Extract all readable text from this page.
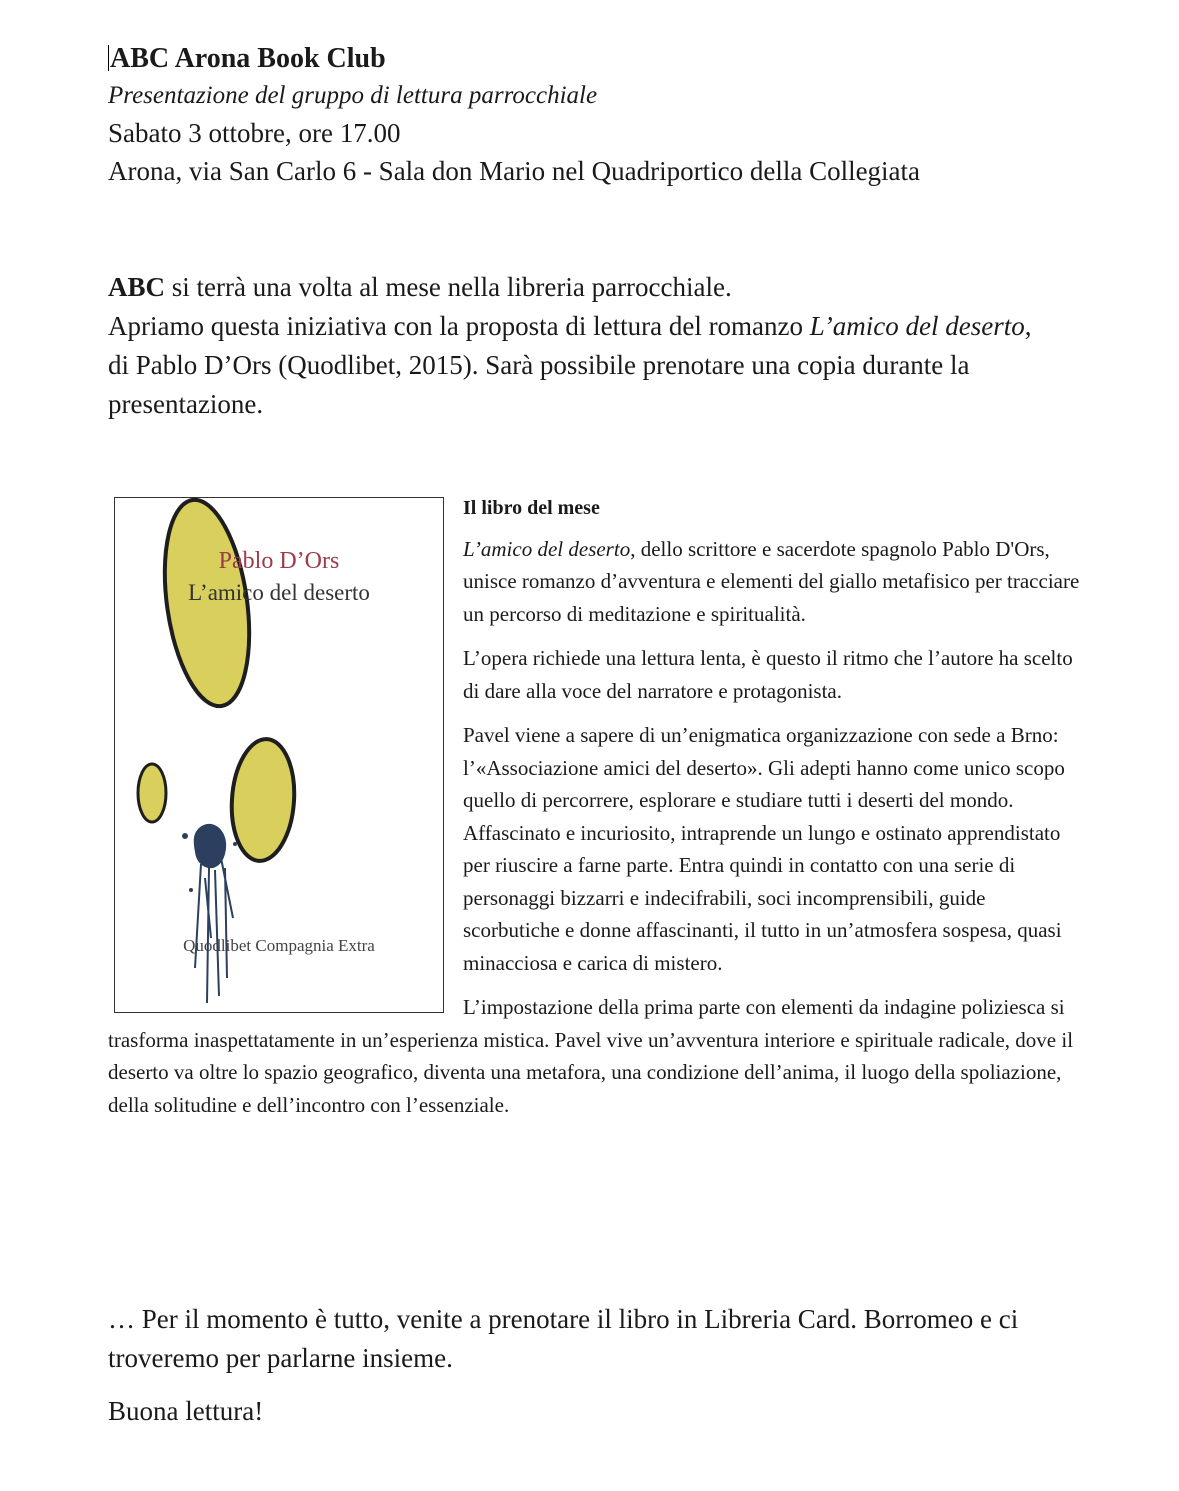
ABC Arona Book Club

Presentazione del gruppo di lettura parrocchiale

Sabato 3 ottobre, ore 17.00

Arona, via San Carlo 6 - Sala don Mario nel Quadriportico della Collegiata

ABC si terrà una volta al mese nella libreria parrocchiale.

Apriamo questa iniziativa con la proposta di lettura del romanzo L’amico del deserto, di Pablo D’Ors (Quodlibet, 2015). Sarà possibile prenotare una copia durante la presentazione.

Il libro del mese

L’amico del deserto, dello scrittore e sacerdote spagnolo Pablo D'Ors, unisce romanzo d’avventura e elementi del giallo metafisico per tracciare un percorso di meditazione e spiritualità.

L’opera richiede una lettura lenta, è questo il ritmo che l’autore ha scelto di dare alla voce del narratore e protagonista.

Pavel viene a sapere di un’enigmatica organizzazione con sede a Brno: l’«Associazione amici del deserto». Gli adepti hanno come unico scopo quello di percorrere, esplorare e studiare tutti i deserti del mondo. Affascinato e incuriosito, intraprende un lungo e ostinato apprendistato per riuscire a farne parte. Entra quindi in contatto con una serie di personaggi bizzarri e indecifrabili, soci incomprensibili, guide scorbutiche e donne affascinanti, il tutto in un’atmosfera sospesa, quasi minacciosa e carica di mistero.

L’impostazione della prima parte con elementi da indagine poliziesca si trasforma inaspettatamente in un’esperienza mistica. Pavel vive un’avventura interiore e spirituale radicale, dove il deserto va oltre lo spazio geografico, diventa una metafora, una condizione dell’anima, il luogo della spoliazione, della solitudine e dell’incontro con l’essenziale.

Pablo D’Ors
L’amico del deserto
Quodlibet Compagnia Extra

… Per il momento è tutto, venite a prenotare il libro in Libreria Card. Borromeo e ci troveremo per parlarne insieme.

Buona lettura!
